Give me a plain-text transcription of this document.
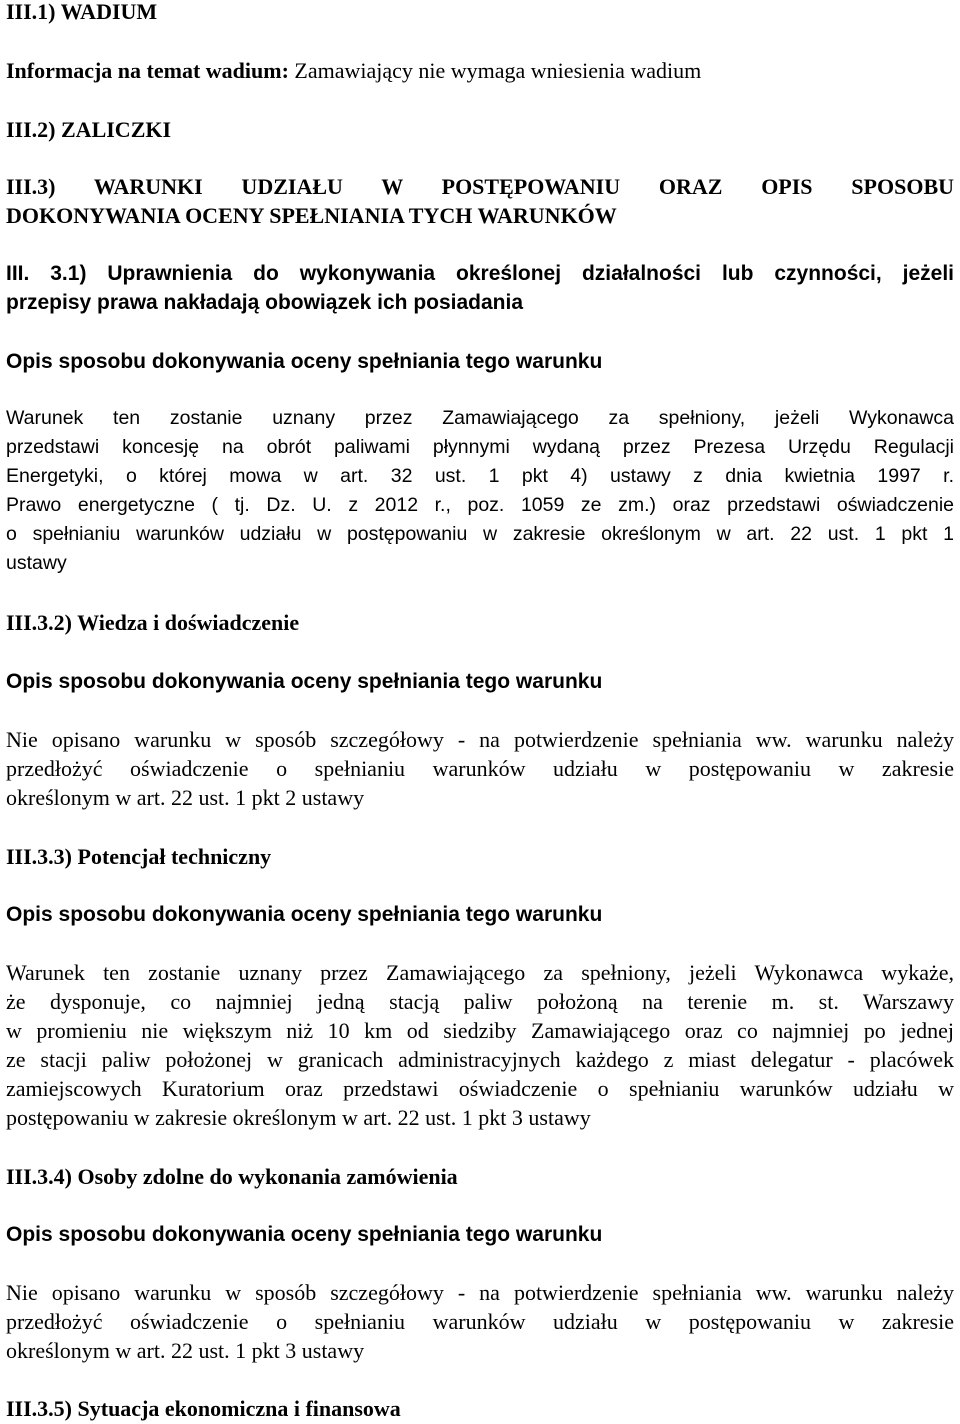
III.1) WADIUM
Informacja na temat wadium: Zamawiający nie wymaga wniesienia wadium
III.2) ZALICZKI
III.3) WARUNKI UDZIAŁU W POSTĘPOWANIU ORAZ OPIS SPOSOBU
DOKONYWANIA OCENY SPEŁNIANIA TYCH WARUNKÓW
III. 3.1) Uprawnienia do wykonywania określonej działalności lub czynności, jeżeli
przepisy prawa nakładają obowiązek ich posiadania
Opis sposobu dokonywania oceny spełniania tego warunku
Warunek ten zostanie uznany przez Zamawiającego za spełniony, jeżeli Wykonawca
przedstawi koncesję na obrót paliwami płynnymi wydaną przez Prezesa Urzędu Regulacji
Energetyki, o której mowa w art. 32 ust. 1 pkt 4) ustawy z dnia kwietnia 1997 r.
Prawo energetyczne ( tj. Dz. U. z 2012 r., poz. 1059 ze zm.) oraz przedstawi oświadczenie
o spełnianiu warunków udziału w postępowaniu w zakresie określonym w art. 22 ust. 1 pkt 1
ustawy
III.3.2) Wiedza i doświadczenie
Opis sposobu dokonywania oceny spełniania tego warunku
Nie opisano warunku w sposób szczegółowy - na potwierdzenie spełniania ww. warunku należy
przedłożyć oświadczenie o spełnianiu warunków udziału w postępowaniu w zakresie
określonym w art. 22 ust. 1 pkt 2 ustawy
III.3.3) Potencjał techniczny
Opis sposobu dokonywania oceny spełniania tego warunku
Warunek ten zostanie uznany przez Zamawiającego za spełniony, jeżeli Wykonawca wykaże,
że dysponuje, co najmniej jedną stacją paliw położoną na terenie m. st. Warszawy
w promieniu nie większym niż 10 km od siedziby Zamawiającego oraz co najmniej po jednej
ze stacji paliw położonej w granicach administracyjnych każdego z miast delegatur - placówek
zamiejscowych Kuratorium oraz przedstawi oświadczenie o spełnianiu warunków udziału w
postępowaniu w zakresie określonym w art. 22 ust. 1 pkt 3 ustawy
III.3.4) Osoby zdolne do wykonania zamówienia
Opis sposobu dokonywania oceny spełniania tego warunku
Nie opisano warunku w sposób szczegółowy - na potwierdzenie spełniania ww. warunku należy
przedłożyć oświadczenie o spełnianiu warunków udziału w postępowaniu w zakresie
określonym w art. 22 ust. 1 pkt 3 ustawy
III.3.5) Sytuacja ekonomiczna i finansowa
